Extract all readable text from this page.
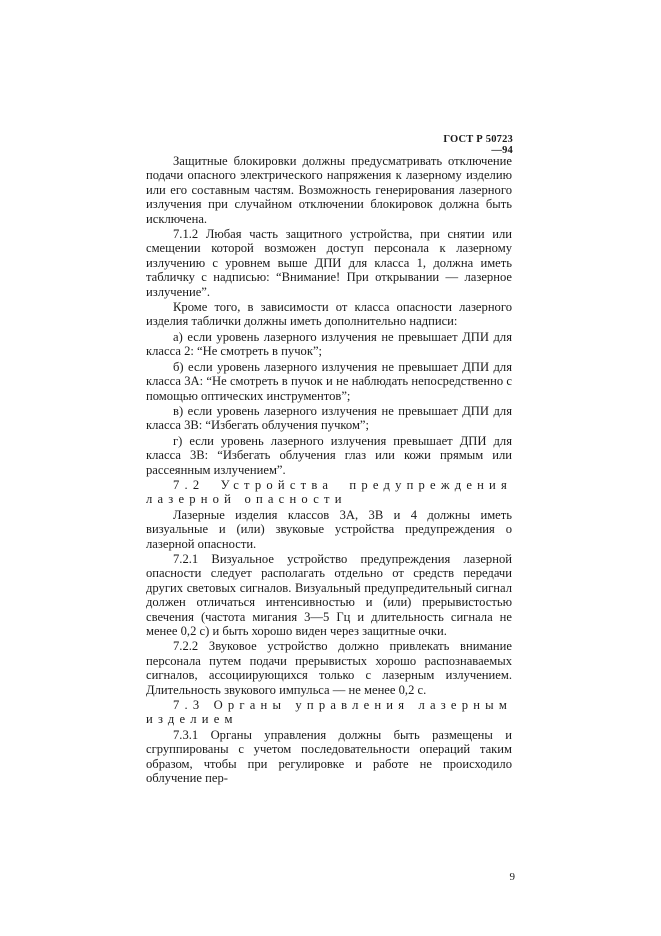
ГОСТ Р 50723—94

Защитные блокировки должны предусматривать отключение подачи опасного электрического напряжения к лазерному изделию или его составным частям. Возможность генерирования лазерного излучения при случайном отключении блокировок должна быть исключена.

7.1.2 Любая часть защитного устройства, при снятии или смещении которой возможен доступ персонала к лазерному излучению с уровнем выше ДПИ для класса 1, должна иметь табличку с надписью: “Внимание! При открывании — лазерное излучение”.

Кроме того, в зависимости от класса опасности лазерного изделия таблички должны иметь дополнительно надписи:

а) если уровень лазерного излучения не превышает ДПИ для класса 2: “Не смотреть в пучок”;

б) если уровень лазерного излучения не превышает ДПИ для класса 3А: “Не смотреть в пучок и не наблюдать непосредственно с помощью оптических инструментов”;

в) если уровень лазерного излучения не превышает ДПИ для класса 3В: “Избегать облучения пучком”;

г) если уровень лазерного излучения превышает ДПИ для класса 3В: “Избегать облучения глаз или кожи прямым или рассеянным излучением”.

7.2 Устройства предупреждения лазерной опасности

Лазерные изделия классов 3А, 3В и 4 должны иметь визуальные и (или) звуковые устройства предупреждения о лазерной опасности.

7.2.1 Визуальное устройство предупреждения лазерной опасности следует располагать отдельно от средств передачи других световых сигналов. Визуальный предупредительный сигнал должен отличаться интенсивностью и (или) прерывистостью свечения (частота мигания 3—5 Гц и длительность сигнала не менее 0,2 с) и быть хорошо виден через защитные очки.

7.2.2 Звуковое устройство должно привлекать внимание персонала путем подачи прерывистых хорошо распознаваемых сигналов, ассоциирующихся только с лазерным излучением. Длительность звукового импульса — не менее 0,2 с.

7.3 Органы управления лазерным изделием

7.3.1 Органы управления должны быть размещены и сгруппированы с учетом последовательности операций таким образом, чтобы при регулировке и работе не происходило облучение пер-

9
